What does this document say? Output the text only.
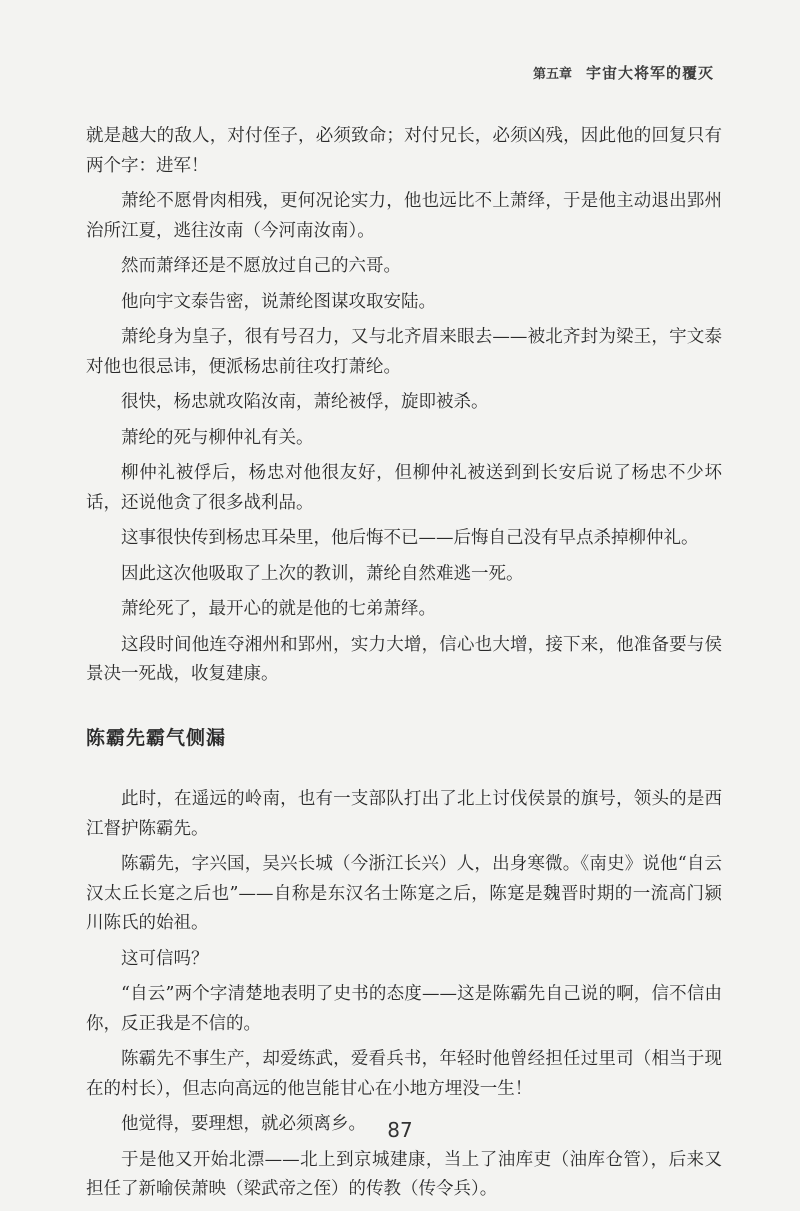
第五章 宇宙大将军的覆灭

就是越大的敌人，对付侄子，必须致命；对付兄长，必须凶残，因此他的回复只有两个字：进军！

萧纶不愿骨肉相残，更何况论实力，他也远比不上萧绎，于是他主动退出郢州治所江夏，逃往汝南（今河南汝南）。

然而萧绎还是不愿放过自己的六哥。

他向宇文泰告密，说萧纶图谋攻取安陆。

萧纶身为皇子，很有号召力，又与北齐眉来眼去——被北齐封为梁王，宇文泰对他也很忌讳，便派杨忠前往攻打萧纶。

很快，杨忠就攻陷汝南，萧纶被俘，旋即被杀。

萧纶的死与柳仲礼有关。

柳仲礼被俘后，杨忠对他很友好，但柳仲礼被送到到长安后说了杨忠不少坏话，还说他贪了很多战利品。

这事很快传到杨忠耳朵里，他后悔不已——后悔自己没有早点杀掉柳仲礼。

因此这次他吸取了上次的教训，萧纶自然难逃一死。

萧纶死了，最开心的就是他的七弟萧绎。

这段时间他连夺湘州和郢州，实力大增，信心也大增，接下来，他准备要与侯景决一死战，收复建康。

陈霸先霸气侧漏

此时，在遥远的岭南，也有一支部队打出了北上讨伐侯景的旗号，领头的是西江督护陈霸先。

陈霸先，字兴国，吴兴长城（今浙江长兴）人，出身寒微。《南史》说他“自云汉太丘长寔之后也”——自称是东汉名士陈寔之后，陈寔是魏晋时期的一流高门颍川陈氏的始祖。

这可信吗？

“自云”两个字清楚地表明了史书的态度——这是陈霸先自己说的啊，信不信由你，反正我是不信的。

陈霸先不事生产，却爱练武，爱看兵书，年轻时他曾经担任过里司（相当于现在的村长），但志向高远的他岂能甘心在小地方埋没一生！

他觉得，要理想，就必须离乡。

于是他又开始北漂——北上到京城建康，当上了油库吏（油库仓管），后来又担任了新喻侯萧映（梁武帝之侄）的传教（传令兵）。

87
